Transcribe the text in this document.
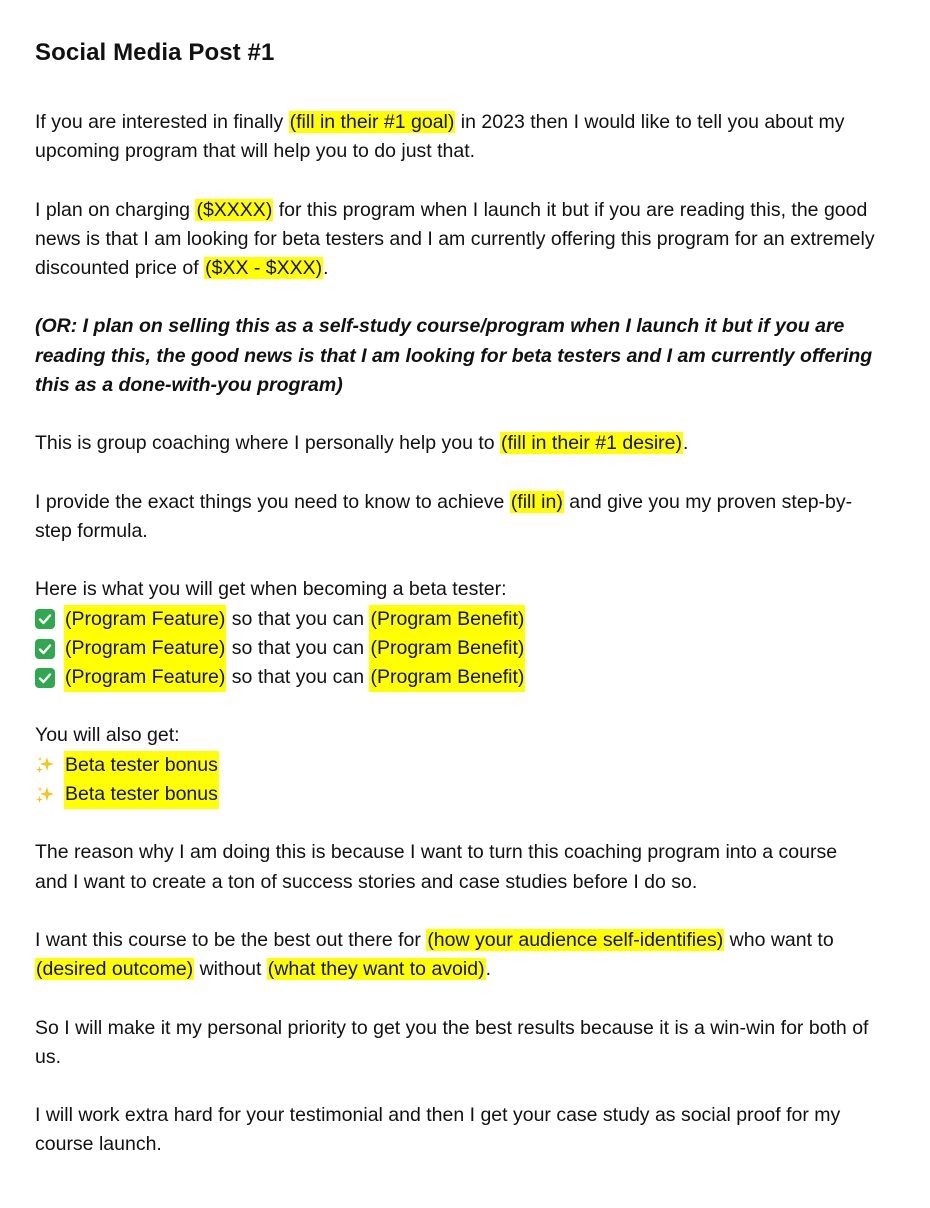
Social Media Post #1

If you are interested in finally (fill in their #1 goal) in 2023 then I would like to tell you about my upcoming program that will help you to do just that.

I plan on charging ($XXXX) for this program when I launch it but if you are reading this, the good news is that I am looking for beta testers and I am currently offering this program for an extremely discounted price of ($XX - $XXX).

(OR: I plan on selling this as a self-study course/program when I launch it but if you are reading this, the good news is that I am looking for beta testers and I am currently offering this as a done-with-you program)

This is group coaching where I personally help you to (fill in their #1 desire).

I provide the exact things you need to know to achieve (fill in) and give you my proven step-by-step formula.

Here is what you will get when becoming a beta tester:
(Program Feature) so that you can (Program Benefit)
(Program Feature) so that you can (Program Benefit)
(Program Feature) so that you can (Program Benefit)
You will also get:
Beta tester bonus
Beta tester bonus

The reason why I am doing this is because I want to turn this coaching program into a course and I want to create a ton of success stories and case studies before I do so.

I want this course to be the best out there for (how your audience self-identifies) who want to (desired outcome) without (what they want to avoid).

So I will make it my personal priority to get you the best results because it is a win-win for both of us.

I will work extra hard for your testimonial and then I get your case study as social proof for my course launch.
